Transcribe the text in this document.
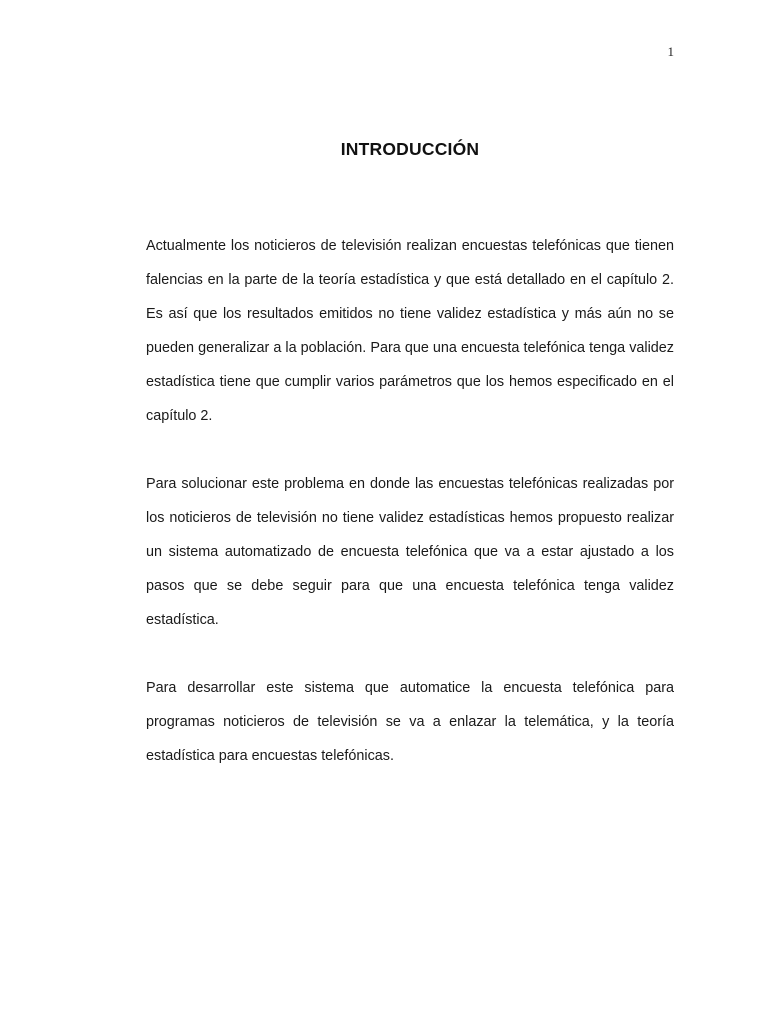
1
INTRODUCCIÓN

Actualmente los noticieros de televisión realizan encuestas telefónicas que tienen falencias en la parte de la teoría estadística y que está detallado en el capítulo 2. Es así que los resultados emitidos no tiene validez estadística y más aún no se pueden generalizar a la población. Para que una encuesta telefónica tenga validez estadística tiene que cumplir varios parámetros que los hemos especificado en el capítulo 2.

Para solucionar este problema en donde las encuestas telefónicas realizadas por los noticieros de televisión no tiene validez estadísticas hemos propuesto realizar un sistema automatizado de encuesta telefónica que va a estar ajustado a los pasos que se debe seguir para que una encuesta telefónica tenga validez estadística.

Para desarrollar este sistema que automatice la encuesta telefónica para programas noticieros de televisión se va a enlazar la telemática, y la teoría estadística para encuestas telefónicas.
